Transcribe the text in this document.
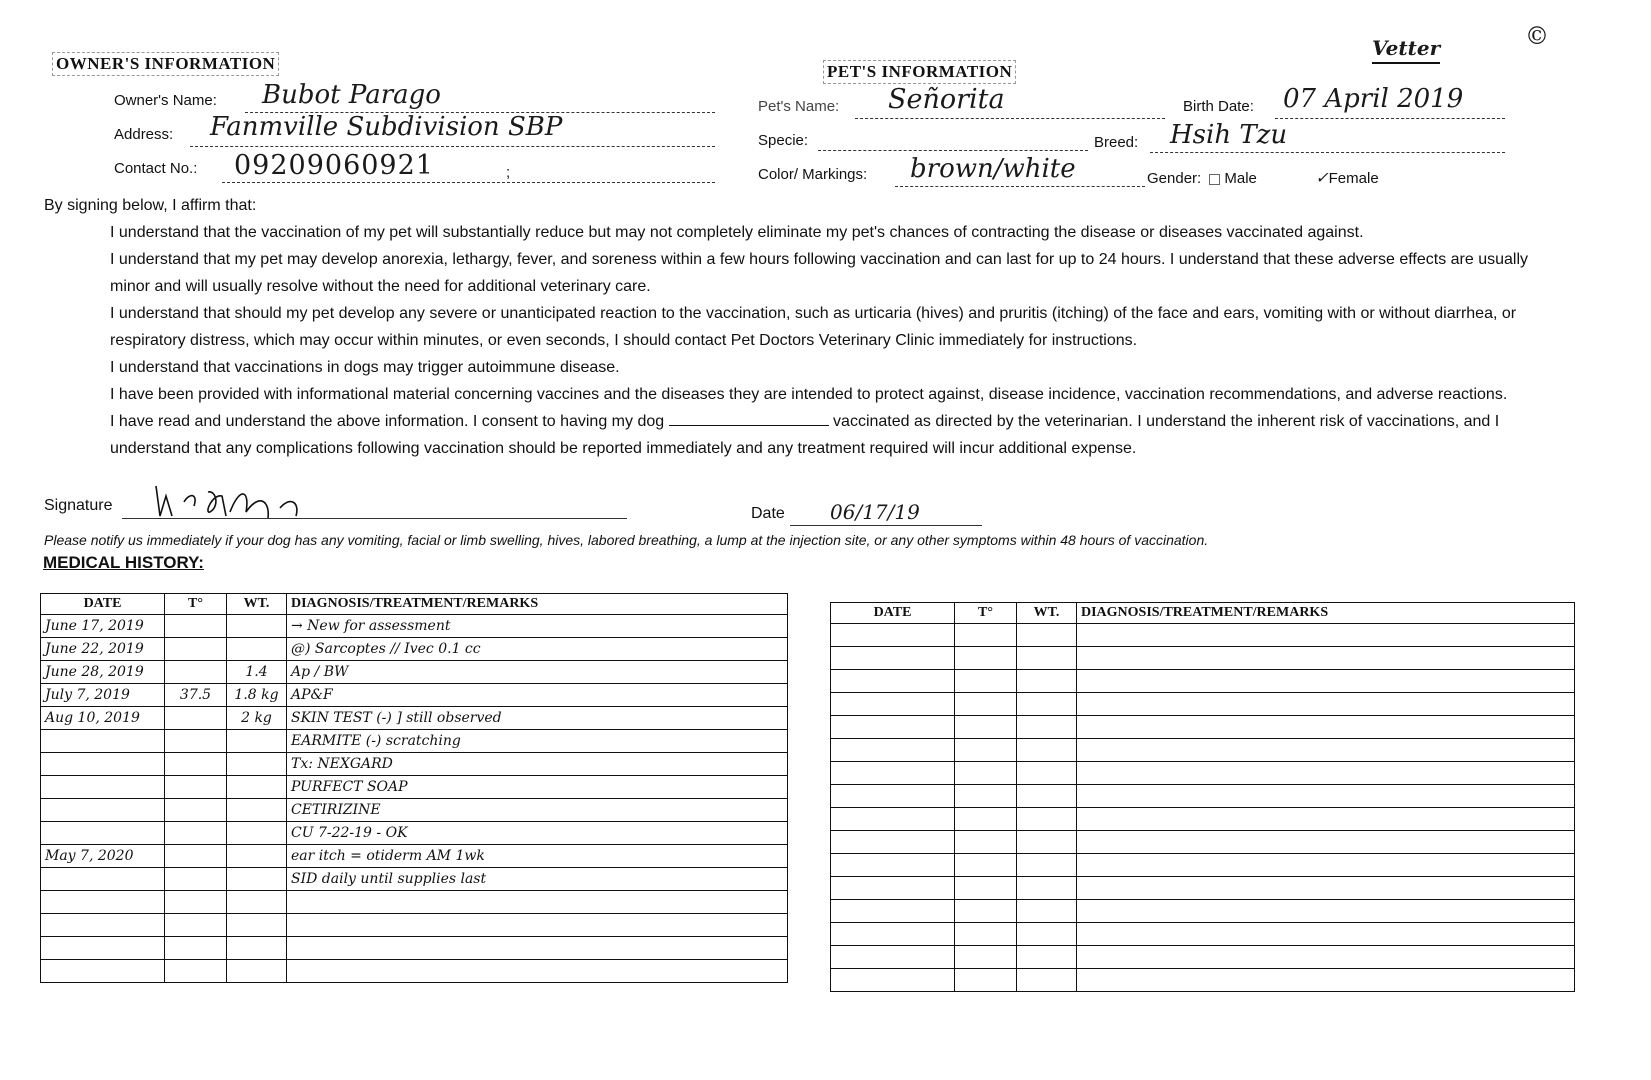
©
Vetter
OWNER'S INFORMATION
Owner's Name: Bubot Parago
Address: Fanmville Subdivision SBP
Contact No.: 09209060921	;
PET'S INFORMATION
Pet's Name: Señorita	Birth Date: 07 April 2019
Specie:	Breed: Hsih Tzu
Color/ Markings: brown/white	Gender: Male	✓Female

By signing below, I affirm that:

I understand that the vaccination of my pet will substantially reduce but may not completely eliminate my pet's chances of contracting the disease or diseases vaccinated against.

I understand that my pet may develop anorexia, lethargy, fever, and soreness within a few hours following vaccination and can last for up to 24 hours. I understand that these adverse effects are usually minor and will usually resolve without the need for additional veterinary care.

I understand that should my pet develop any severe or unanticipated reaction to the vaccination, such as urticaria (hives) and pruritis (itching) of the face and ears, vomiting with or without diarrhea, or respiratory distress, which may occur within minutes, or even seconds, I should contact Pet Doctors Veterinary Clinic immediately for instructions.

I understand that vaccinations in dogs may trigger autoimmune disease.

I have been provided with informational material concerning vaccines and the diseases they are intended to protect against, disease incidence, vaccination recommendations, and adverse reactions.

I have read and understand the above information. I consent to having my dog	vaccinated as directed by the veterinarian. I understand the inherent risk of vaccinations, and I understand that any complications following vaccination should be reported immediately and any treatment required will incur additional expense.

Signature	Date 06/17/19
Please notify us immediately if your dog has any vomiting, facial or limb swelling, hives, labored breathing, a lump at the injection site, or any other symptoms within 48 hours of vaccination.
MEDICAL HISTORY:
DATE	T°	WT.	DIAGNOSIS/TREATMENT/REMARKS
June 17, 2019			→ New for assessment
June 22, 2019			@) Sarcoptes // Ivec 0.1 cc
June 28, 2019		1.4	Ap / BW
July 7, 2019	37.5	1.8 kg	AP&F
Aug 10, 2019		2 kg	SKIN TEST (-) ] still observed
			EARMITE (-) scratching
			Tx: NEXGARD
			PURFECT SOAP
			CETIRIZINE
			CU 7-22-19 - OK
May 7, 2020			ear itch = otiderm AM 1wk
			SID daily until supplies last

DATE	T°	WT.	DIAGNOSIS/TREATMENT/REMARKS
